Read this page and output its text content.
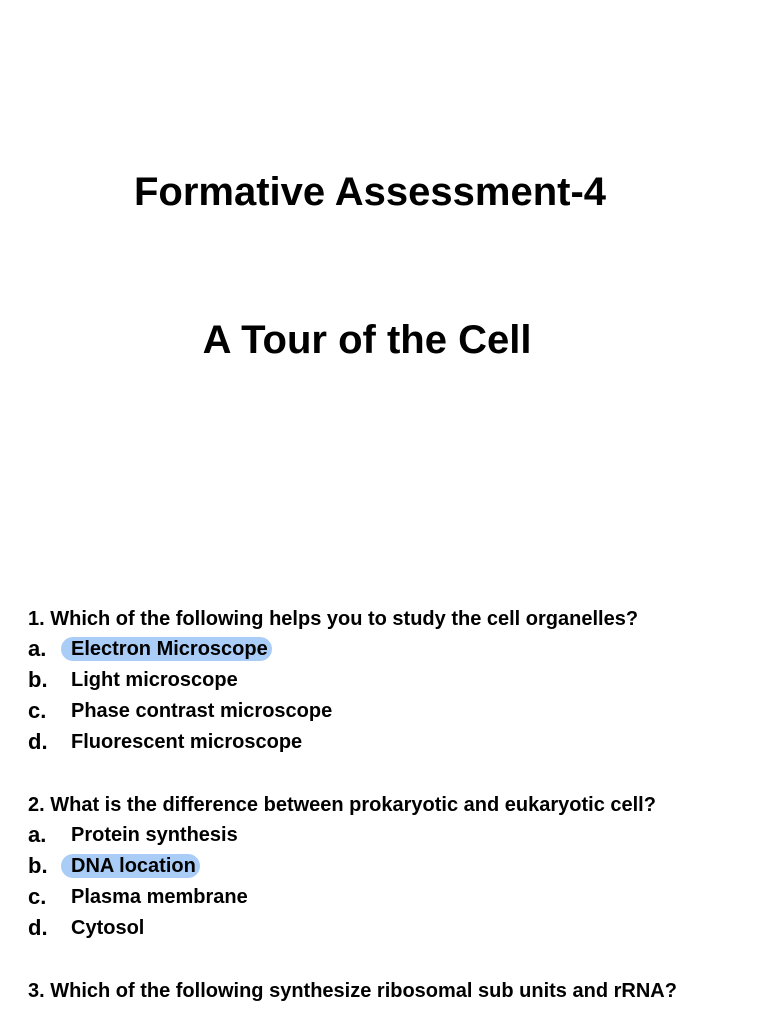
Formative Assessment-4
A Tour of the Cell

1. Which of the following helps you to study the cell organelles?

a.	Electron Microscope
b.	Light microscope
c.	Phase contrast microscope
d.	Fluorescent microscope

2. What is the difference between prokaryotic and eukaryotic cell?

a.	Protein synthesis
b.	DNA location
c.	Plasma membrane
d.	Cytosol

3. Which of the following synthesize ribosomal sub units and rRNA?
